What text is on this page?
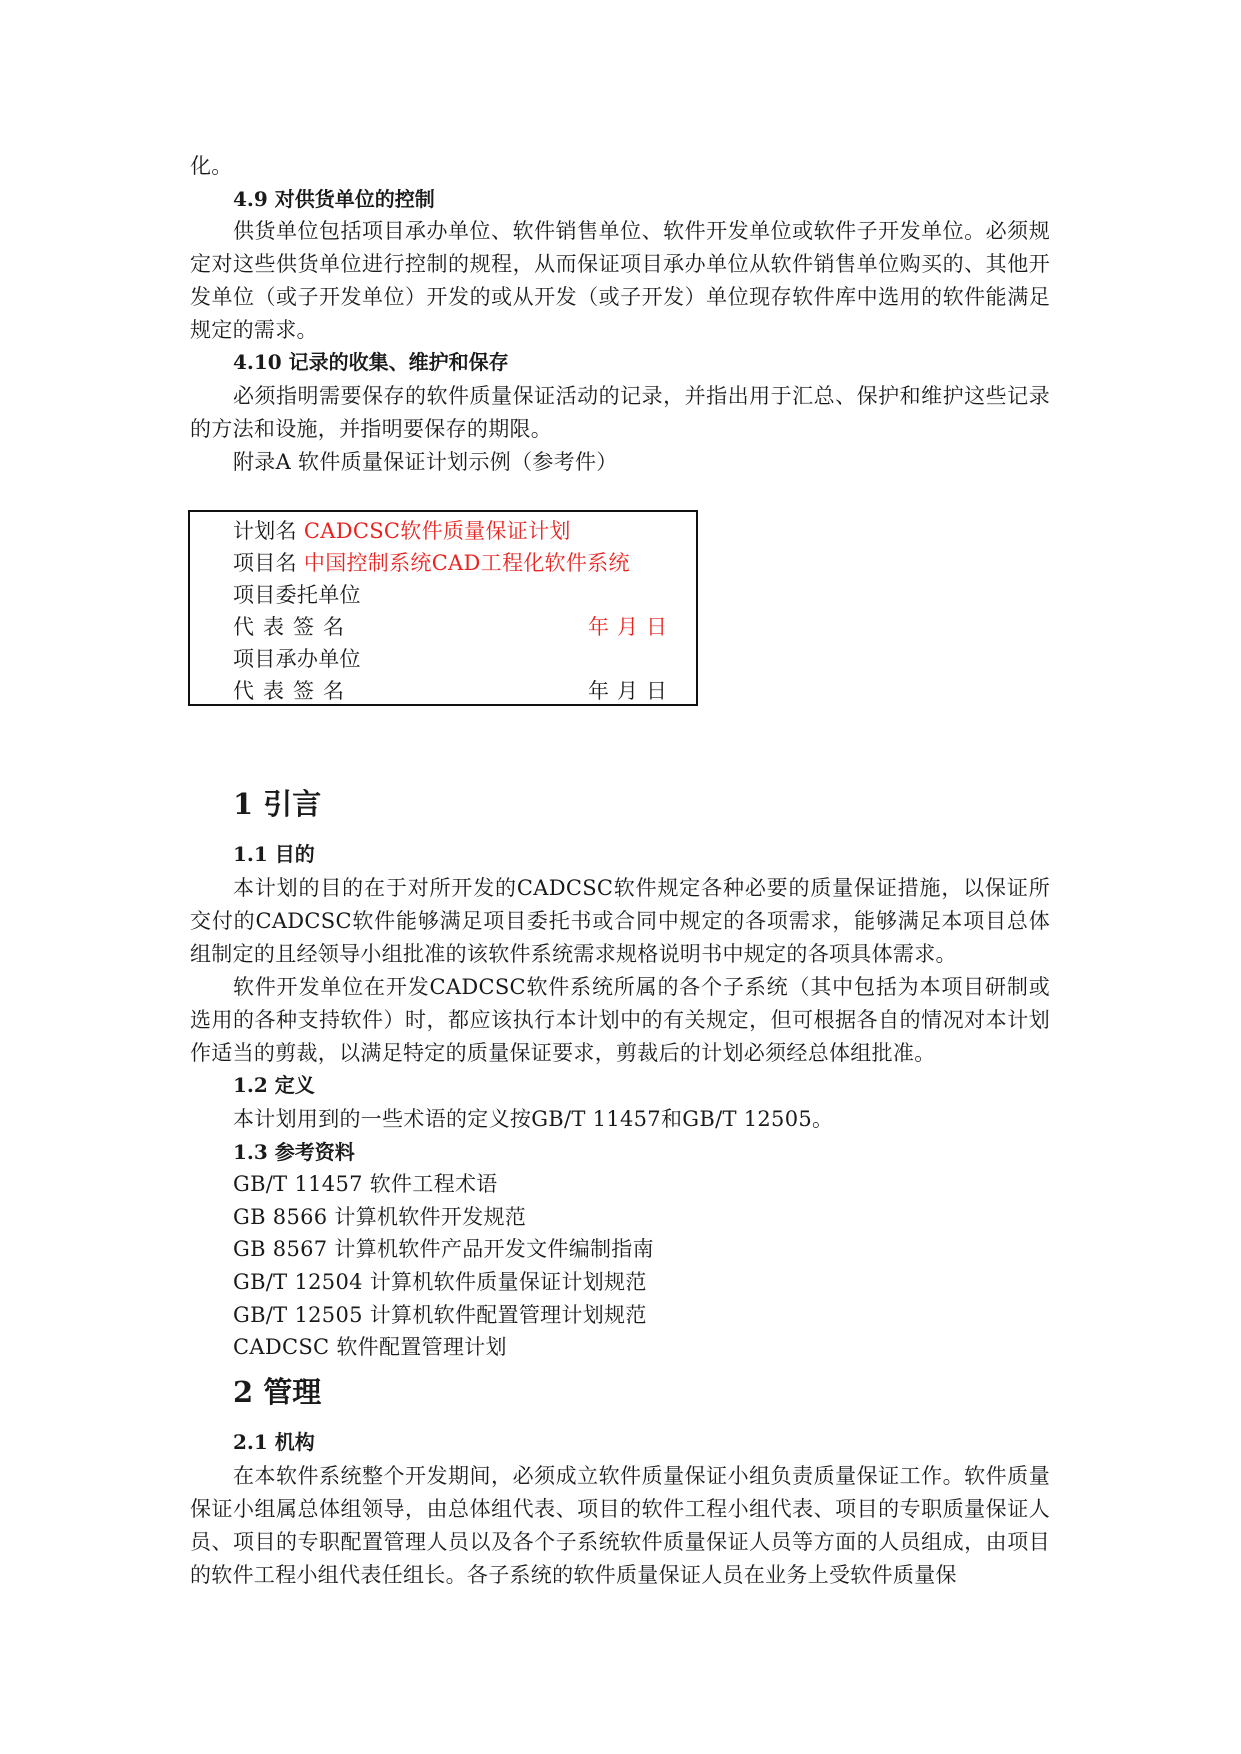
化。

4.9 对供货单位的控制

供货单位包括项目承办单位、软件销售单位、软件开发单位或软件子开发单位。必须规定对这些供货单位进行控制的规程，从而保证项目承办单位从软件销售单位购买的、其他开发单位（或子开发单位）开发的或从开发（或子开发）单位现存软件库中选用的软件能满足规定的需求。

4.10 记录的收集、维护和保存

必须指明需要保存的软件质量保证活动的记录，并指出用于汇总、保护和维护这些记录的方法和设施，并指明要保存的期限。

附录A 软件质量保证计划示例（参考件）

计划名 CADCSC软件质量保证计划
项目名 中国控制系统CAD工程化软件系统
项目委托单位
代表签名	年月日
项目承办单位
代表签名	年月日
1 引言
1.1 目的

本计划的目的在于对所开发的CADCSC软件规定各种必要的质量保证措施，以保证所交付的CADCSC软件能够满足项目委托书或合同中规定的各项需求，能够满足本项目总体组制定的且经领导小组批准的该软件系统需求规格说明书中规定的各项具体需求。

软件开发单位在开发CADCSC软件系统所属的各个子系统（其中包括为本项目研制或选用的各种支持软件）时，都应该执行本计划中的有关规定，但可根据各自的情况对本计划作适当的剪裁，以满足特定的质量保证要求，剪裁后的计划必须经总体组批准。

1.2 定义

本计划用到的一些术语的定义按GB/T 11457和GB/T 12505。

1.3 参考资料

GB/T 11457 软件工程术语

GB 8566 计算机软件开发规范

GB 8567 计算机软件产品开发文件编制指南

GB/T 12504 计算机软件质量保证计划规范

GB/T 12505 计算机软件配置管理计划规范

CADCSC 软件配置管理计划

2 管理
2.1 机构

在本软件系统整个开发期间，必须成立软件质量保证小组负责质量保证工作。软件质量保证小组属总体组领导，由总体组代表、项目的软件工程小组代表、项目的专职质量保证人员、项目的专职配置管理人员以及各个子系统软件质量保证人员等方面的人员组成，由项目的软件工程小组代表任组长。各子系统的软件质量保证人员在业务上受软件质量保
